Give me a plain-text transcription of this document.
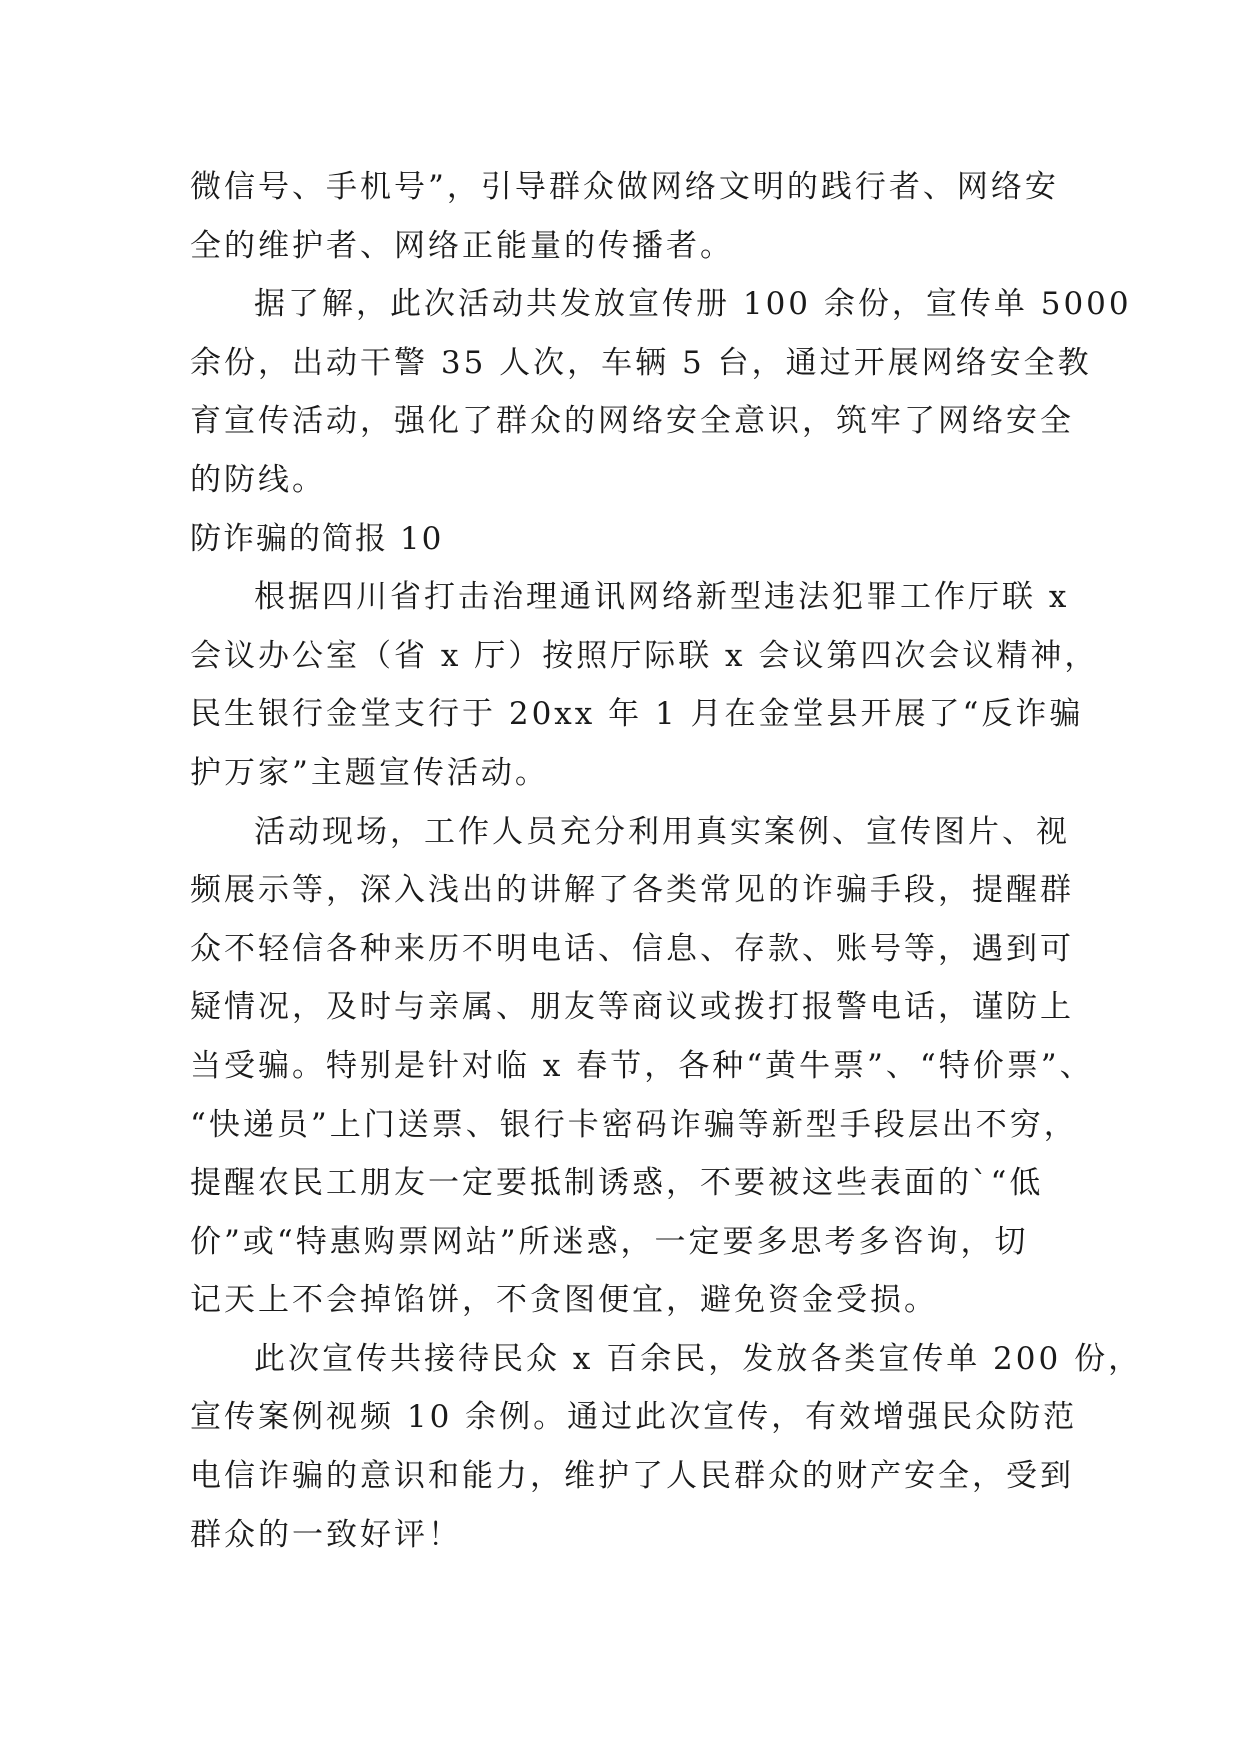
微信号、手机号”，引导群众做网络文明的践行者、网络安
全的维护者、网络正能量的传播者。
据了解，此次活动共发放宣传册 100 余份，宣传单 5000
余份，出动干警 35 人次，车辆 5 台，通过开展网络安全教
育宣传活动，强化了群众的网络安全意识，筑牢了网络安全
的防线。
防诈骗的简报 10
根据四川省打击治理通讯网络新型违法犯罪工作厅联 x
会议办公室（省 x 厅）按照厅际联 x 会议第四次会议精神，
民生银行金堂支行于 20xx 年 1 月在金堂县开展了“反诈骗
护万家”主题宣传活动。
活动现场，工作人员充分利用真实案例、宣传图片、视
频展示等，深入浅出的讲解了各类常见的诈骗手段，提醒群
众不轻信各种来历不明电话、信息、存款、账号等，遇到可
疑情况，及时与亲属、朋友等商议或拨打报警电话，谨防上
当受骗。特别是针对临 x 春节，各种“黄牛票”、“特价票”、
“快递员”上门送票、银行卡密码诈骗等新型手段层出不穷，
提醒农民工朋友一定要抵制诱惑，不要被这些表面的`“低
价”或“特惠购票网站”所迷惑，一定要多思考多咨询，切
记天上不会掉馅饼，不贪图便宜，避免资金受损。
此次宣传共接待民众 x 百余民，发放各类宣传单 200 份，
宣传案例视频 10 余例。通过此次宣传，有效增强民众防范
电信诈骗的意识和能力，维护了人民群众的财产安全，受到
群众的一致好评！
